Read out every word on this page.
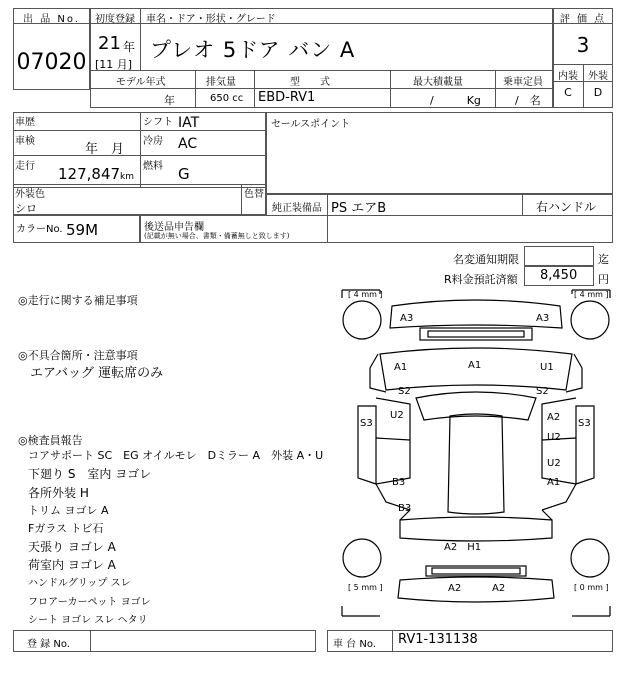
出 品 No.
07020
初度登録 車名・ドア・形状・グレード
21 年
[11 月]
プレオ 5ドア バン A
モデル年式	排気量	型　　式	最大積載量	乗車定員
年	650 cc EBD-RV1	/　　　Kg	/　名
評 価 点
3
内装	外装
C	D
車歴	シフト IAT
車検
年　月
冷房 AC
走行 127,847 km
燃料 G
セールスポイント
外装色
シロ
色替
純正装備品 PS エアB	右ハンドル
カラーNo. 59M	後送品申告欄
(記載が無い場合、書類・備蓄無しと致します)
名変通知期限	迄
R料金預託済額 8,450 円
◎走行に関する補足事項
◎不具合箇所・注意事項
エアバッグ 運転席のみ
◎検査員報告
コアサポート SC　EG オイルモレ　Dミラー A　外装 A・U
下廻り S　室内 ヨゴレ
各所外装 H
トリム ヨゴレ A
Fガラス トビ石
天張り ヨゴレ A
荷室内 ヨゴレ A
ハンドルグリップ スレ
フロアーカーペット ヨゴレ
シート ヨゴレ スレ ヘタリ
[ 4 mm ]	[ 4 mm ]
[ 5 mm ]	[ 0 mm ]
A3	A3
A1
A1
S2
U1
S2
S3
U2	A2
U2
S3
U2
A1
B3
B3
A2　H1
A2	A2
登 録 No.	車 台 No. RV1-131138
